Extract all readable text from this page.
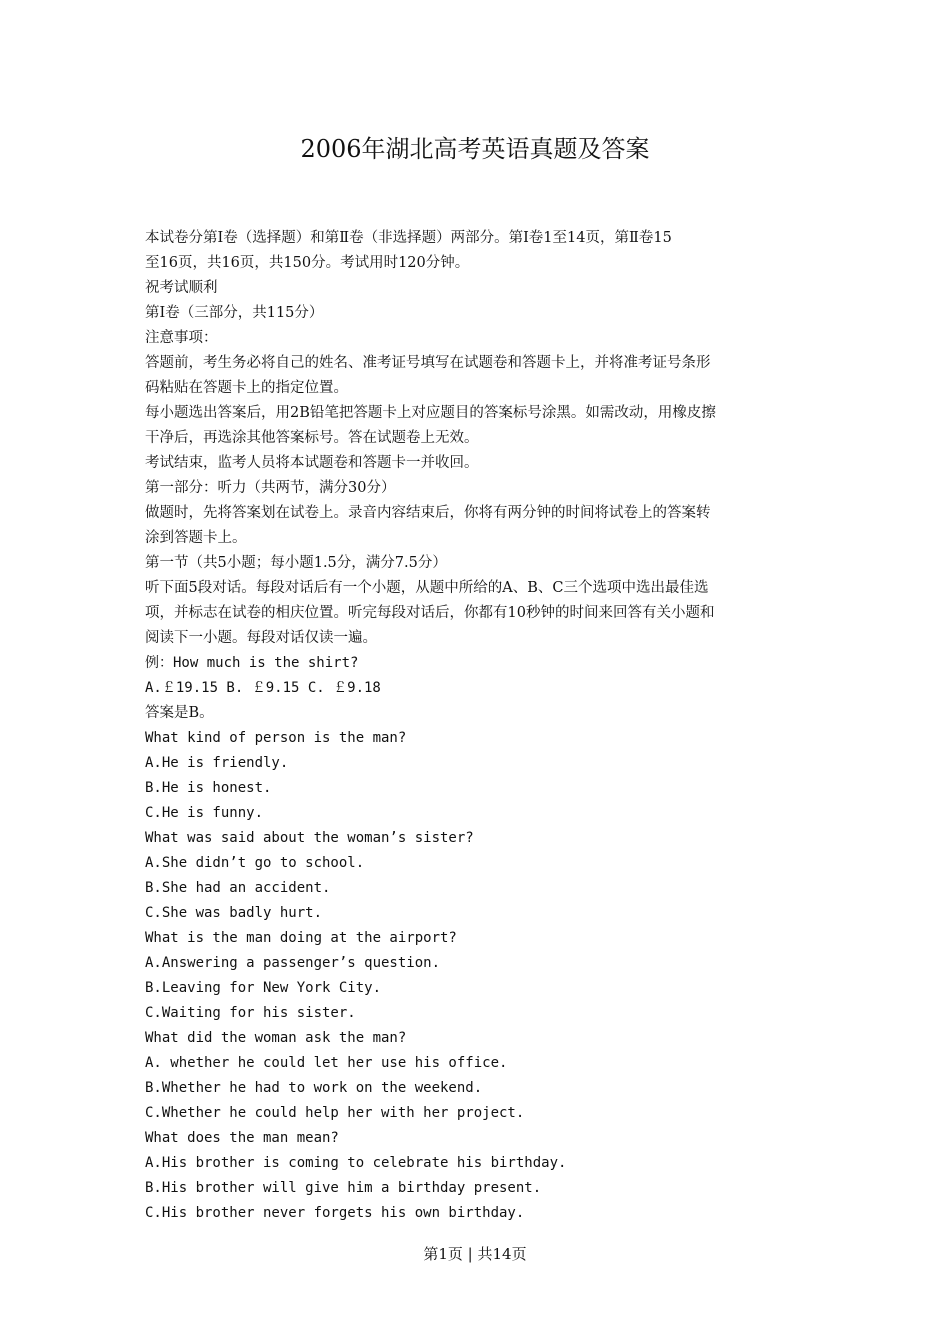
2006年湖北高考英语真题及答案
本试卷分第Ⅰ卷（选择题）和第Ⅱ卷（非选择题）两部分。第Ⅰ卷1至14页，第Ⅱ卷15
至16页，共16页，共150分。考试用时120分钟。
祝考试顺利
第Ⅰ卷（三部分，共115分）
注意事项：
答题前，考生务必将自己的姓名、准考证号填写在试题卷和答题卡上，并将准考证号条形
码粘贴在答题卡上的指定位置。
每小题选出答案后，用2B铅笔把答题卡上对应题目的答案标号涂黑。如需改动，用橡皮擦
干净后，再选涂其他答案标号。答在试题卷上无效。
考试结束，监考人员将本试题卷和答题卡一并收回。
第一部分：听力（共两节，满分30分）
做题时，先将答案划在试卷上。录音内容结束后，你将有两分钟的时间将试卷上的答案转
涂到答题卡上。
第一节（共5小题；每小题1.5分，满分7.5分）
听下面5段对话。每段对话后有一个小题，从题中所给的A、B、C三个选项中选出最佳选
项，并标志在试卷的相庆位置。听完每段对话后，你都有10秒钟的时间来回答有关小题和
阅读下一小题。每段对话仅读一遍。
例：How much is the shirt?
A.￡19.15 B. ￡9.15 C. ￡9.18
答案是B。
What kind of person is the man?
A.He is friendly.
B.He is honest.
C.He is funny.
What was said about the woman’s sister?
A.She didn’t go to school.
B.She had an accident.
C.She was badly hurt.
What is the man doing at the airport?
A.Answering a passenger’s question.
B.Leaving for New York City.
C.Waiting for his sister.
What did the woman ask the man?
A. whether he could let her use his office.
B.Whether he had to work on the weekend.
C.Whether he could help her with her project.
What does the man mean?
A.His brother is coming to celebrate his birthday.
B.His brother will give him a birthday present.
C.His brother never forgets his own birthday.
第1页 | 共14页
